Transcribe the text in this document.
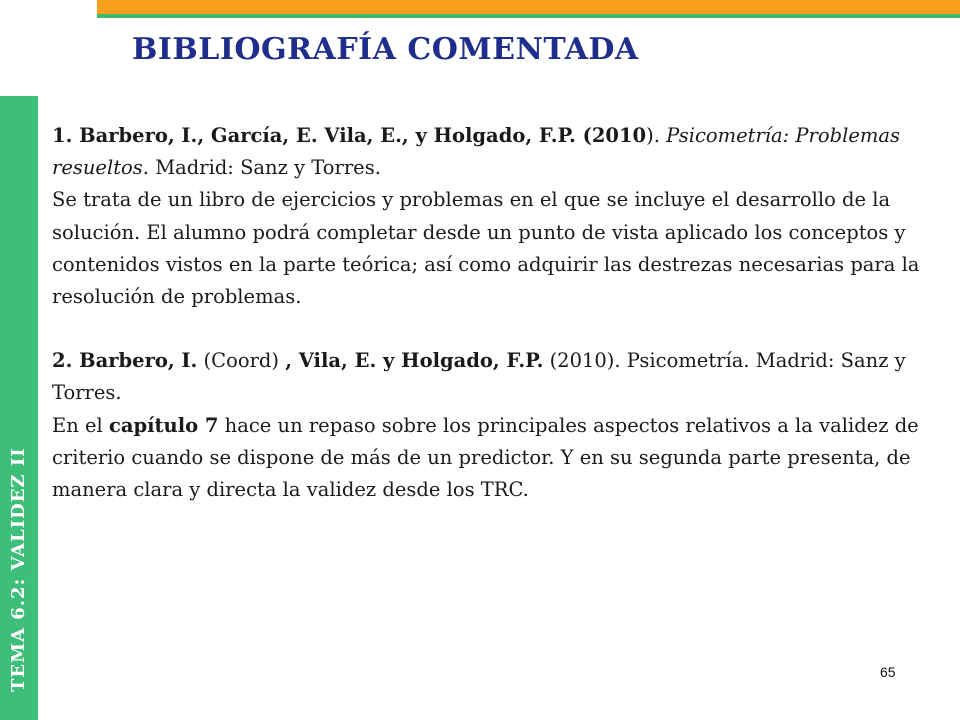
TEMA 6.2: VALIDEZ II
BIBLIOGRAFÍA COMENTADA

1. Barbero, I., García, E. Vila, E., y Holgado, F.P. (2010). Psicometría: Problemas resueltos. Madrid: Sanz y Torres.

Se trata de un libro de ejercicios y problemas en el que se incluye el desarrollo de la solución. El alumno podrá completar desde un punto de vista aplicado los conceptos y contenidos vistos en la parte teórica; así como adquirir las destrezas necesarias para la resolución de problemas.

2. Barbero, I. (Coord) , Vila, E. y Holgado, F.P. (2010). Psicometría. Madrid: Sanz y Torres.

En el capítulo 7 hace un repaso sobre los principales aspectos relativos a la validez de criterio cuando se dispone de más de un predictor. Y en su segunda parte presenta, de manera clara y directa la validez desde los TRC.

65
